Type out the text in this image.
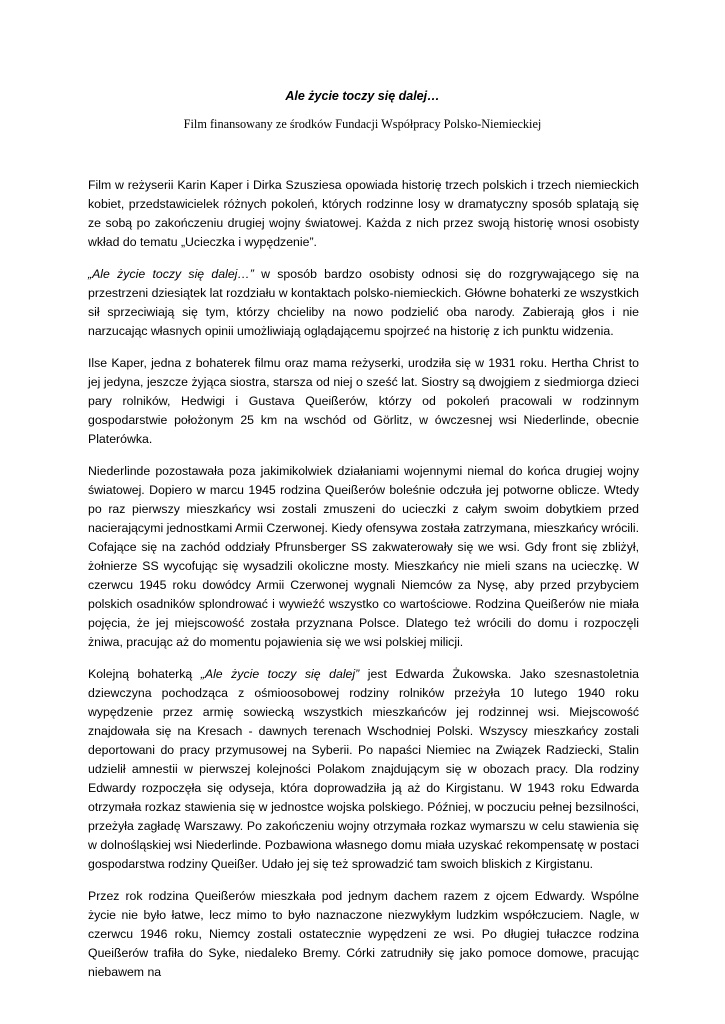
Ale życie toczy się dalej…
Film finansowany ze środków Fundacji Współpracy Polsko-Niemieckiej

Film w reżyserii Karin Kaper i Dirka Szusziesa opowiada historię trzech polskich i trzech niemieckich kobiet, przedstawicielek różnych pokoleń, których rodzinne losy w dramatyczny sposób splatają się ze sobą po zakończeniu drugiej wojny światowej. Każda z nich przez swoją historię wnosi osobisty wkład do tematu „Ucieczka i wypędzenie”.

„Ale życie toczy się dalej…” w sposób bardzo osobisty odnosi się do rozgrywającego się na przestrzeni dziesiątek lat rozdziału w kontaktach polsko-niemieckich. Główne bohaterki ze wszystkich sił sprzeciwiają się tym, którzy chcieliby na nowo podzielić oba narody. Zabierają głos i nie narzucając własnych opinii umożliwiają oglądającemu spojrzeć na historię z ich punktu widzenia.

Ilse Kaper, jedna z bohaterek filmu oraz mama reżyserki, urodziła się w 1931 roku. Hertha Christ to jej jedyna, jeszcze żyjąca siostra, starsza od niej o sześć lat. Siostry są dwojgiem z siedmiorga dzieci pary rolników, Hedwigi i Gustava Queißerów, którzy od pokoleń pracowali w rodzinnym gospodarstwie położonym 25 km na wschód od Görlitz, w ówczesnej wsi Niederlinde, obecnie Platerówka.

Niederlinde pozostawała poza jakimikolwiek działaniami wojennymi niemal do końca drugiej wojny światowej. Dopiero w marcu 1945 rodzina Queißerów boleśnie odczuła jej potworne oblicze. Wtedy po raz pierwszy mieszkańcy wsi zostali zmuszeni do ucieczki z całym swoim dobytkiem przed nacierającymi jednostkami Armii Czerwonej. Kiedy ofensywa została zatrzymana, mieszkańcy wrócili. Cofające się na zachód oddziały Pfrunsberger SS zakwaterowały się we wsi. Gdy front się zbliżył, żołnierze SS wycofując się wysadzili okoliczne mosty. Mieszkańcy nie mieli szans na ucieczkę. W czerwcu 1945 roku dowódcy Armii Czerwonej wygnali Niemców za Nysę, aby przed przybyciem polskich osadników splondrować i wywieźć wszystko co wartościowe. Rodzina Queißerów nie miała pojęcia, że jej miejscowość została przyznana Polsce. Dlatego też wrócili do domu i rozpoczęli żniwa, pracując aż do momentu pojawienia się we wsi polskiej milicji.

Kolejną bohaterką „Ale życie toczy się dalej” jest Edwarda Żukowska. Jako szesnastoletnia dziewczyna pochodząca z ośmioosobowej rodziny rolników przeżyła 10 lutego 1940 roku wypędzenie przez armię sowiecką wszystkich mieszkańców jej rodzinnej wsi. Miejscowość znajdowała się na Kresach - dawnych terenach Wschodniej Polski. Wszyscy mieszkańcy zostali deportowani do pracy przymusowej na Syberii. Po napaści Niemiec na Związek Radziecki, Stalin udzielił amnestii w pierwszej kolejności Polakom znajdującym się w obozach pracy. Dla rodziny Edwardy rozpoczęła się odyseja, która doprowadziła ją aż do Kirgistanu. W 1943 roku Edwarda otrzymała rozkaz stawienia się w jednostce wojska polskiego. Później, w poczuciu pełnej bezsilności, przeżyła zagładę Warszawy. Po zakończeniu wojny otrzymała rozkaz wymarszu w celu stawienia się w dolnośląskiej wsi Niederlinde. Pozbawiona własnego domu miała uzyskać rekompensatę w postaci gospodarstwa rodziny Queißer. Udało jej się też sprowadzić tam swoich bliskich z Kirgistanu.

Przez rok rodzina Queißerów mieszkała pod jednym dachem razem z ojcem Edwardy. Wspólne życie nie było łatwe, lecz mimo to było naznaczone niezwykłym ludzkim współczuciem. Nagle, w czerwcu 1946 roku, Niemcy zostali ostatecznie wypędzeni ze wsi. Po długiej tułaczce rodzina Queißerów trafiła do Syke, niedaleko Bremy. Córki zatrudniły się jako pomoce domowe, pracując niebawem na
